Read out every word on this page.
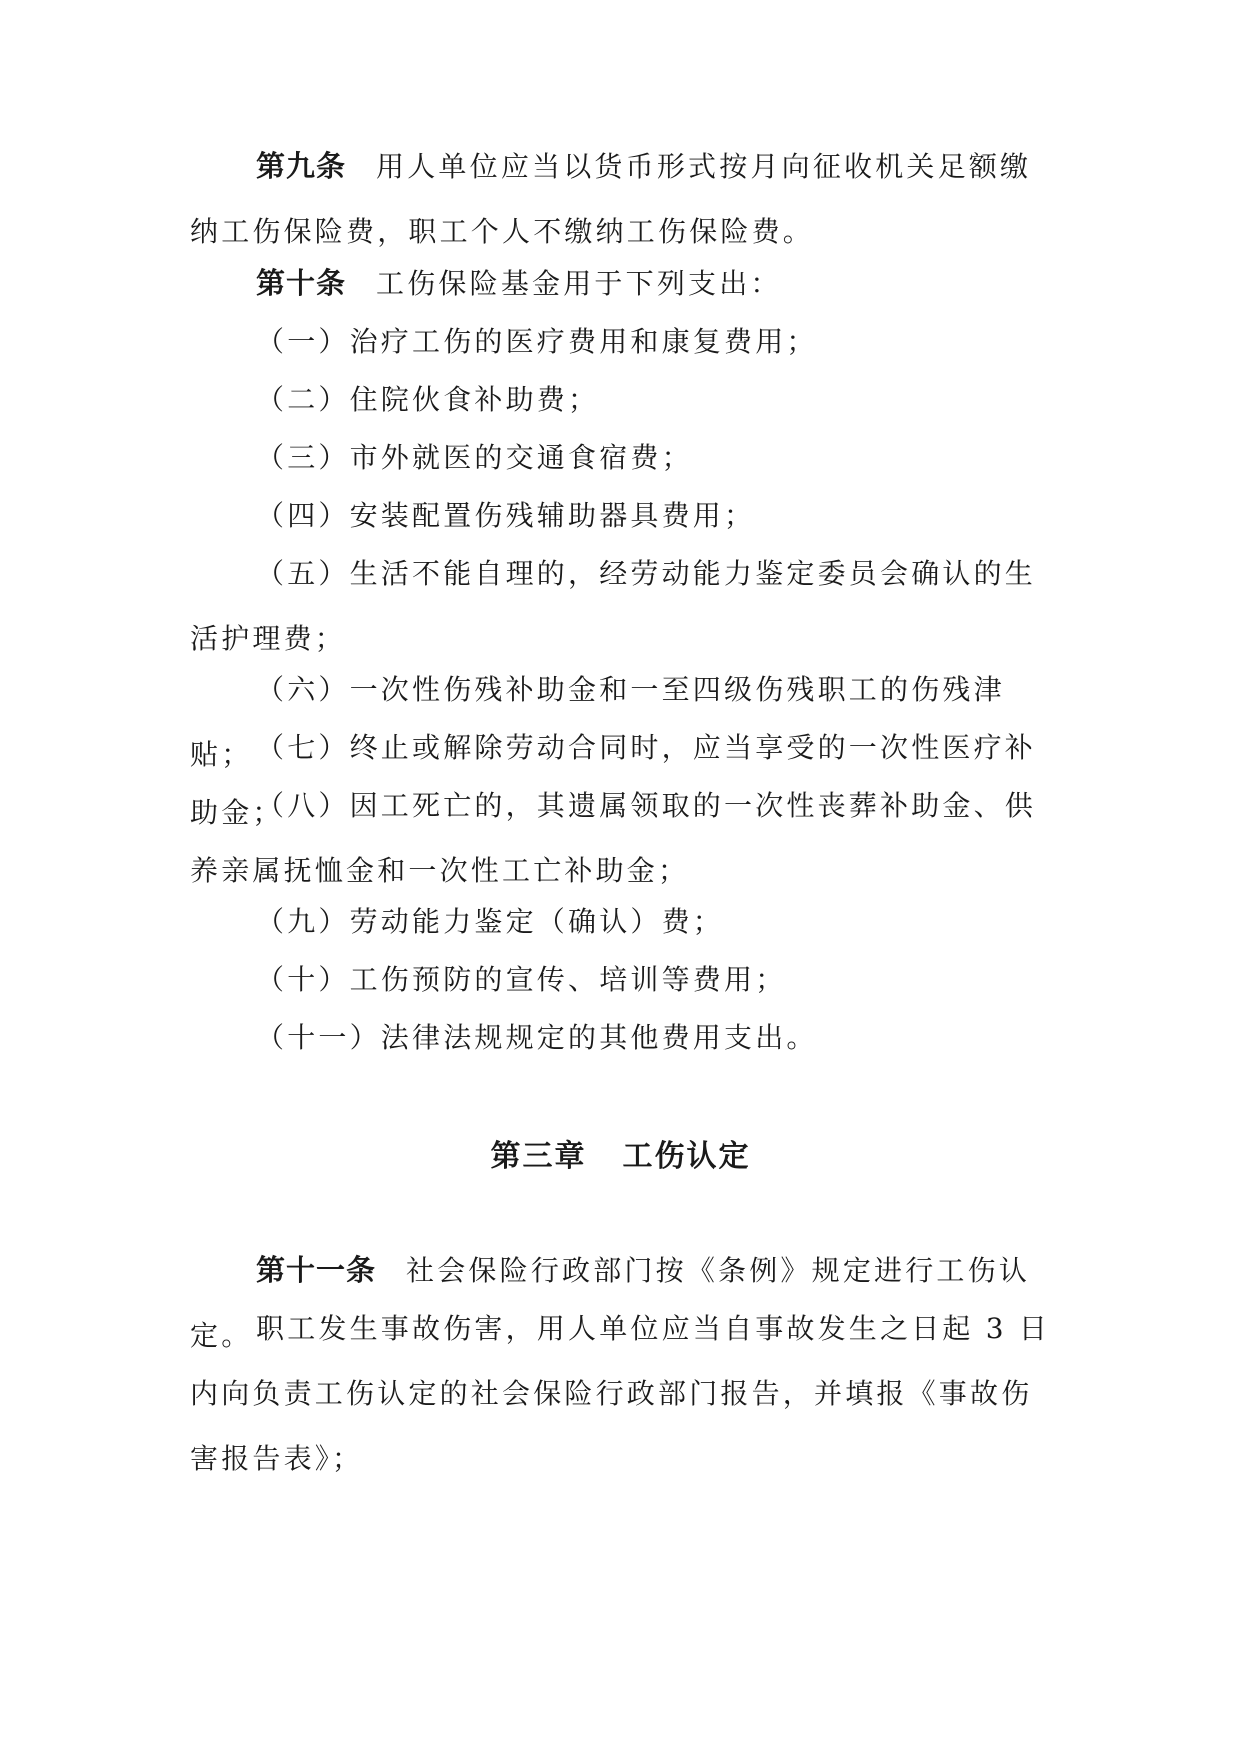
第九条 用人单位应当以货币形式按月向征收机关足额缴纳工伤保险费，职工个人不缴纳工伤保险费。

第十条 工伤保险基金用于下列支出：

（一）治疗工伤的医疗费用和康复费用；

（二）住院伙食补助费；

（三）市外就医的交通食宿费；

（四）安装配置伤残辅助器具费用；

（五）生活不能自理的，经劳动能力鉴定委员会确认的生活护理费；

（六）一次性伤残补助金和一至四级伤残职工的伤残津贴； （七）终止或解除劳动合同时，应当享受的一次性医疗补助金；

（八）因工死亡的，其遗属领取的一次性丧葬补助金、供养亲属抚恤金和一次性工亡补助金；

（九）劳动能力鉴定（确认）费；

（十）工伤预防的宣传、培训等费用；

（十一）法律法规规定的其他费用支出。

第三章 工伤认定

第十一条 社会保险行政部门按《条例》规定进行工伤认定。 职工发生事故伤害，用人单位应当自事故发生之日起 3 日内向负责工伤认定的社会保险行政部门报告，并填报《事故伤害报告表》；
